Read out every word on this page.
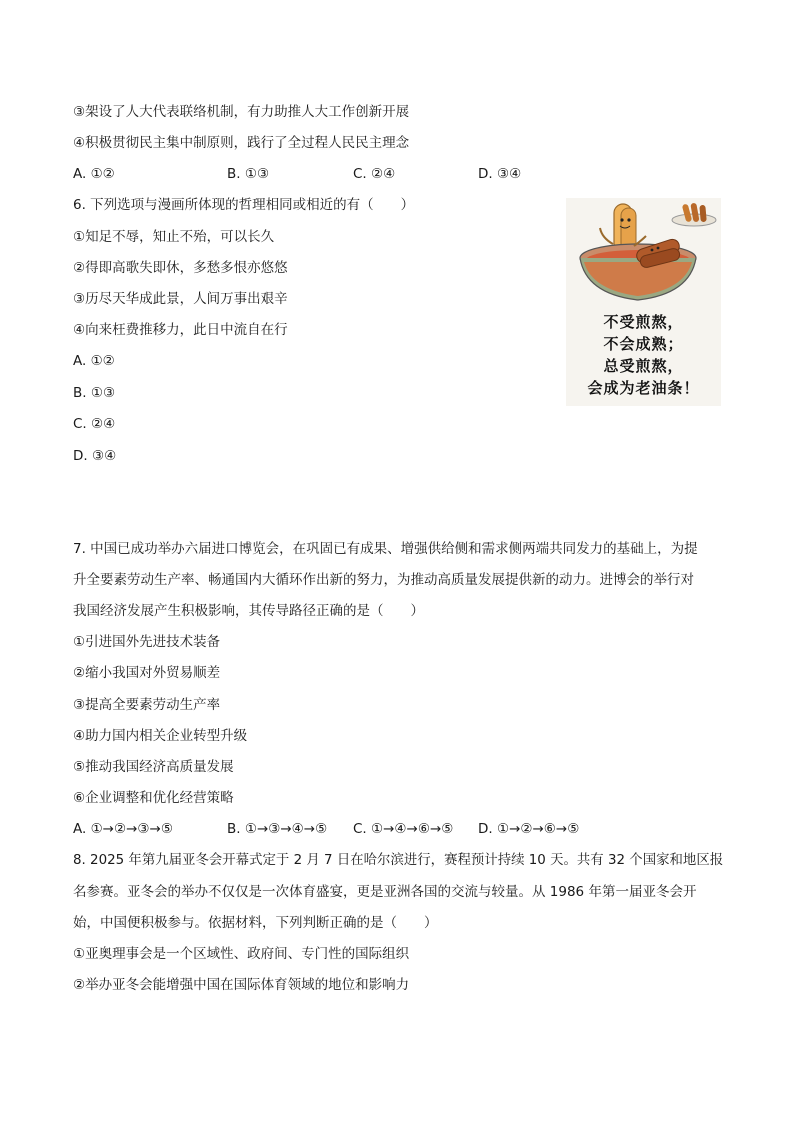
③架设了人大代表联络机制，有力助推人大工作创新开展
④积极贯彻民主集中制原则，践行了全过程人民民主理念
A. ①②	B. ①③	C. ②④	D. ③④
6. 下列选项与漫画所体现的哲理相同或相近的有（　　）
①知足不辱，知止不殆，可以长久
②得即高歌失即休，多愁多恨亦悠悠
③历尽天华成此景，人间万事出艰辛
④向来枉费推移力，此日中流自在行
A. ①②
B. ①③
C. ②④
D. ③④
不受煎熬，
不会成熟；
总受煎熬，
会成为老油条！
7. 中国已成功举办六届进口博览会，在巩固已有成果、增强供给侧和需求侧两端共同发力的基础上，为提
升全要素劳动生产率、畅通国内大循环作出新的努力，为推动高质量发展提供新的动力。进博会的举行对
我国经济发展产生积极影响，其传导路径正确的是（　　）
①引进国外先进技术装备
②缩小我国对外贸易顺差
③提高全要素劳动生产率
④助力国内相关企业转型升级
⑤推动我国经济高质量发展
⑥企业调整和优化经营策略
A. ①→②→③→⑤	B. ①→③→④→⑤ C. ①→④→⑥→⑤ D. ①→②→⑥→⑤
8. 2025 年第九届亚冬会开幕式定于 2 月 7 日在哈尔滨进行，赛程预计持续 10 天。共有 32 个国家和地区报
名参赛。亚冬会的举办不仅仅是一次体育盛宴，更是亚洲各国的交流与较量。从 1986 年第一届亚冬会开
始，中国便积极参与。依据材料，下列判断正确的是（　　）
①亚奥理事会是一个区域性、政府间、专门性的国际组织
②举办亚冬会能增强中国在国际体育领域的地位和影响力
